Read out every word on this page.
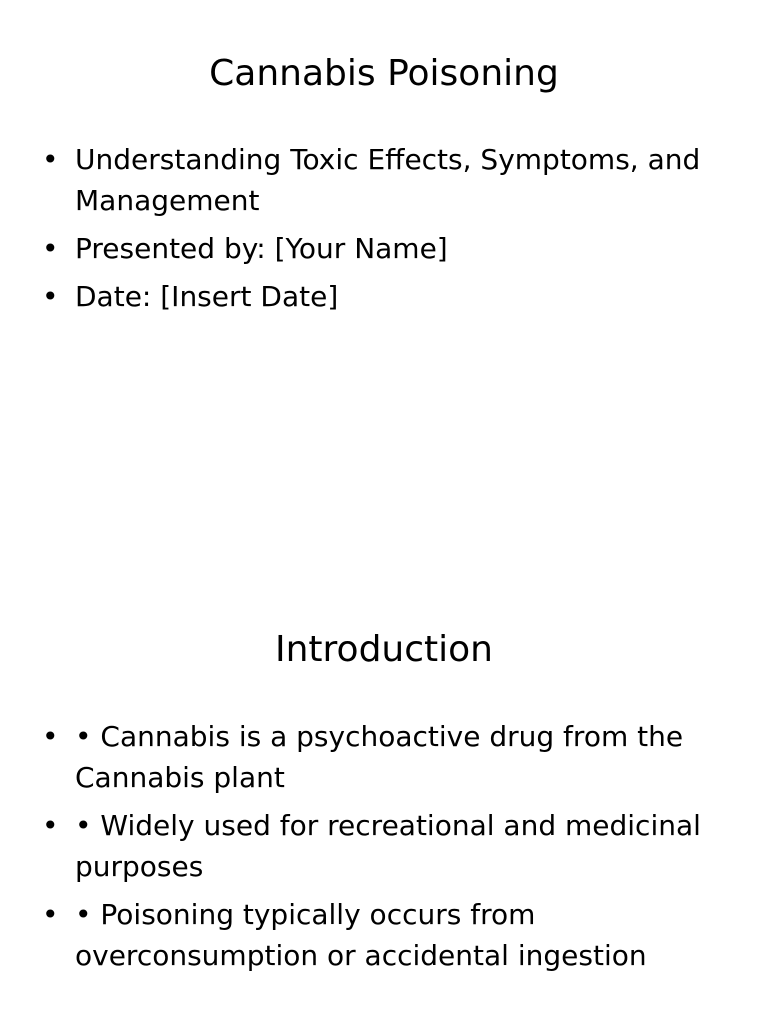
Cannabis Poisoning
• Understanding Toxic Effects, Symptoms, and Management
• Presented by: [Your Name]
• Date: [Insert Date]
Introduction
• • Cannabis is a psychoactive drug from the Cannabis plant
• • Widely used for recreational and medicinal purposes
• • Poisoning typically occurs from overconsumption or accidental ingestion
